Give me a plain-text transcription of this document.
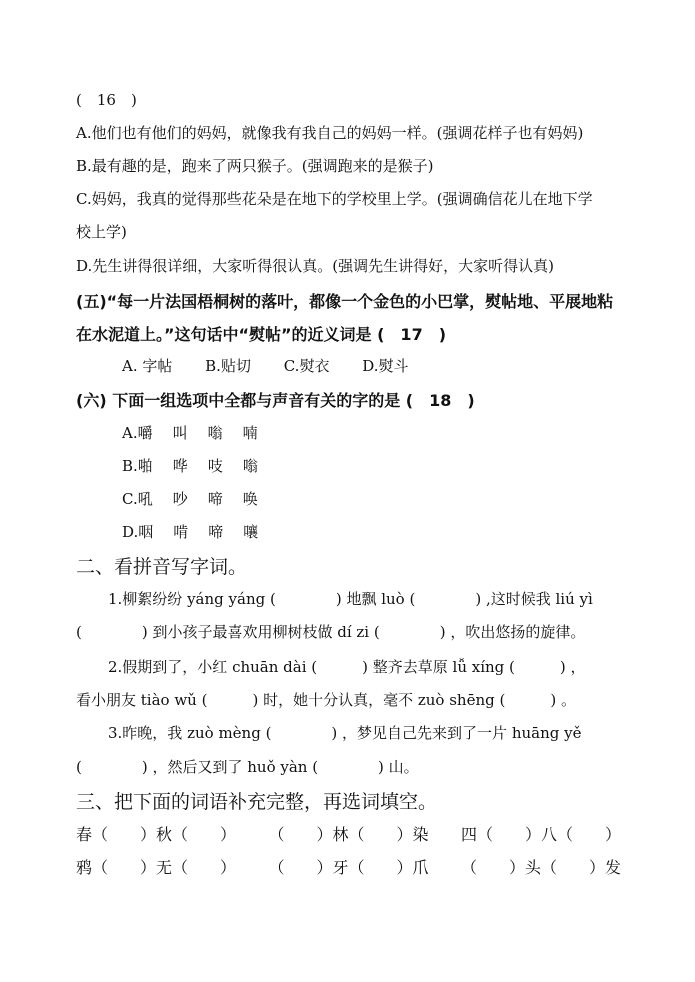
(　16　)
A.他们也有他们的妈妈，就像我有我自己的妈妈一样。(强调花样子也有妈妈)
B.最有趣的是，跑来了两只猴子。(强调跑来的是猴子)
C.妈妈，我真的觉得那些花朵是在地下的学校里上学。(强调确信花儿在地下学
校上学)
D.先生讲得很详细，大家听得很认真。(强调先生讲得好，大家听得认真)
(五)“每一片法国梧桐树的落叶，都像一个金色的小巴掌，熨帖地、平展地粘
在水泥道上。”这句话中“熨帖”的近义词是 (　17　)
A. 字帖 B.贴切 C.熨衣 D.熨斗
(六) 下面一组选项中全都与声音有关的字的是 (　18　)
A.嚼 叫 嗡 喃
B.啪 哗 吱 嗡
C.吼 吵 啼 唤
D.咽 啃 啼 嚷
二、看拼音写字词。
1.柳絮纷纷 yáng yáng (　　　　) 地飘 luò (　　　　) ,这时候我 liú yì
(　　　　) 到小孩子最喜欢用柳树枝做 dí zi (　　　　) ，吹出悠扬的旋律。
2.假期到了，小红 chuān dài (　　　) 整齐去草原 lǚ xíng (　　　) ，
看小朋友 tiào wǔ (　　　) 时，她十分认真，毫不 zuò shēng (　　　) 。
3.昨晚，我 zuò mèng (　　　　) ，梦见自己先来到了一片 huāng yě
(　　　　) ，然后又到了 huǒ yàn (　　　　) 山。
三、把下面的词语补充完整，再选词填空。
春（　　）秋（　　） （　　）林（　　）染 四（　　）八（　　）
鸦（　　）无（　　） （　　）牙（　　）爪 （　　）头（　　）发
